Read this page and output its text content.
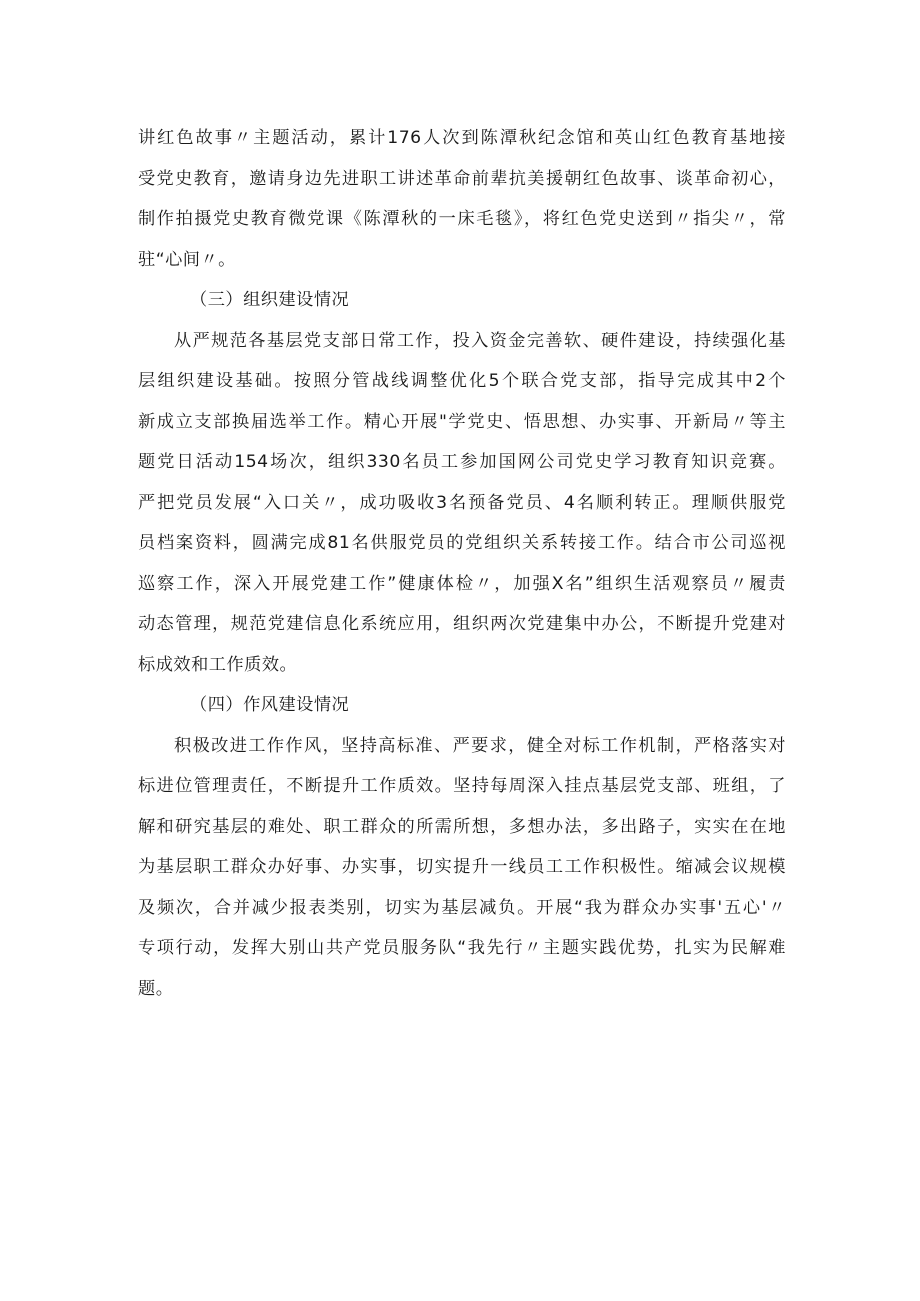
讲红色故事〃主题活动，累计176人次到陈潭秋纪念馆和英山红色教育基地接
受党史教育，邀请身边先进职工讲述革命前辈抗美援朝红色故事、谈革命初心，
制作拍摄党史教育微党课《陈潭秋的一床毛毯》，将红色党史送到〃指尖〃，常
驻“心间〃。
（三）组织建设情况
从严规范各基层党支部日常工作，投入资金完善软、硬件建设，持续强化基
层组织建设基础。按照分管战线调整优化5个联合党支部，指导完成其中2个
新成立支部换届选举工作。精心开展"学党史、悟思想、办实事、开新局〃等主
题党日活动154场次，组织330名员工参加国网公司党史学习教育知识竞赛。
严把党员发展“入口关〃，成功吸收3名预备党员、4名顺利转正。理顺供服党
员档案资料，圆满完成81名供服党员的党组织关系转接工作。结合市公司巡视
巡察工作，深入开展党建工作”健康体检〃，加强X名”组织生活观察员〃履责
动态管理，规范党建信息化系统应用，组织两次党建集中办公，不断提升党建对
标成效和工作质效。
（四）作风建设情况
积极改进工作作风，坚持高标准、严要求，健全对标工作机制，严格落实对
标进位管理责任，不断提升工作质效。坚持每周深入挂点基层党支部、班组，了
解和研究基层的难处、职工群众的所需所想，多想办法，多出路子，实实在在地
为基层职工群众办好事、办实事，切实提升一线员工工作积极性。缩减会议规模
及频次，合并减少报表类别，切实为基层减负。开展“我为群众办实事'五心'〃
专项行动，发挥大别山共产党员服务队“我先行〃主题实践优势，扎实为民解难
题。
